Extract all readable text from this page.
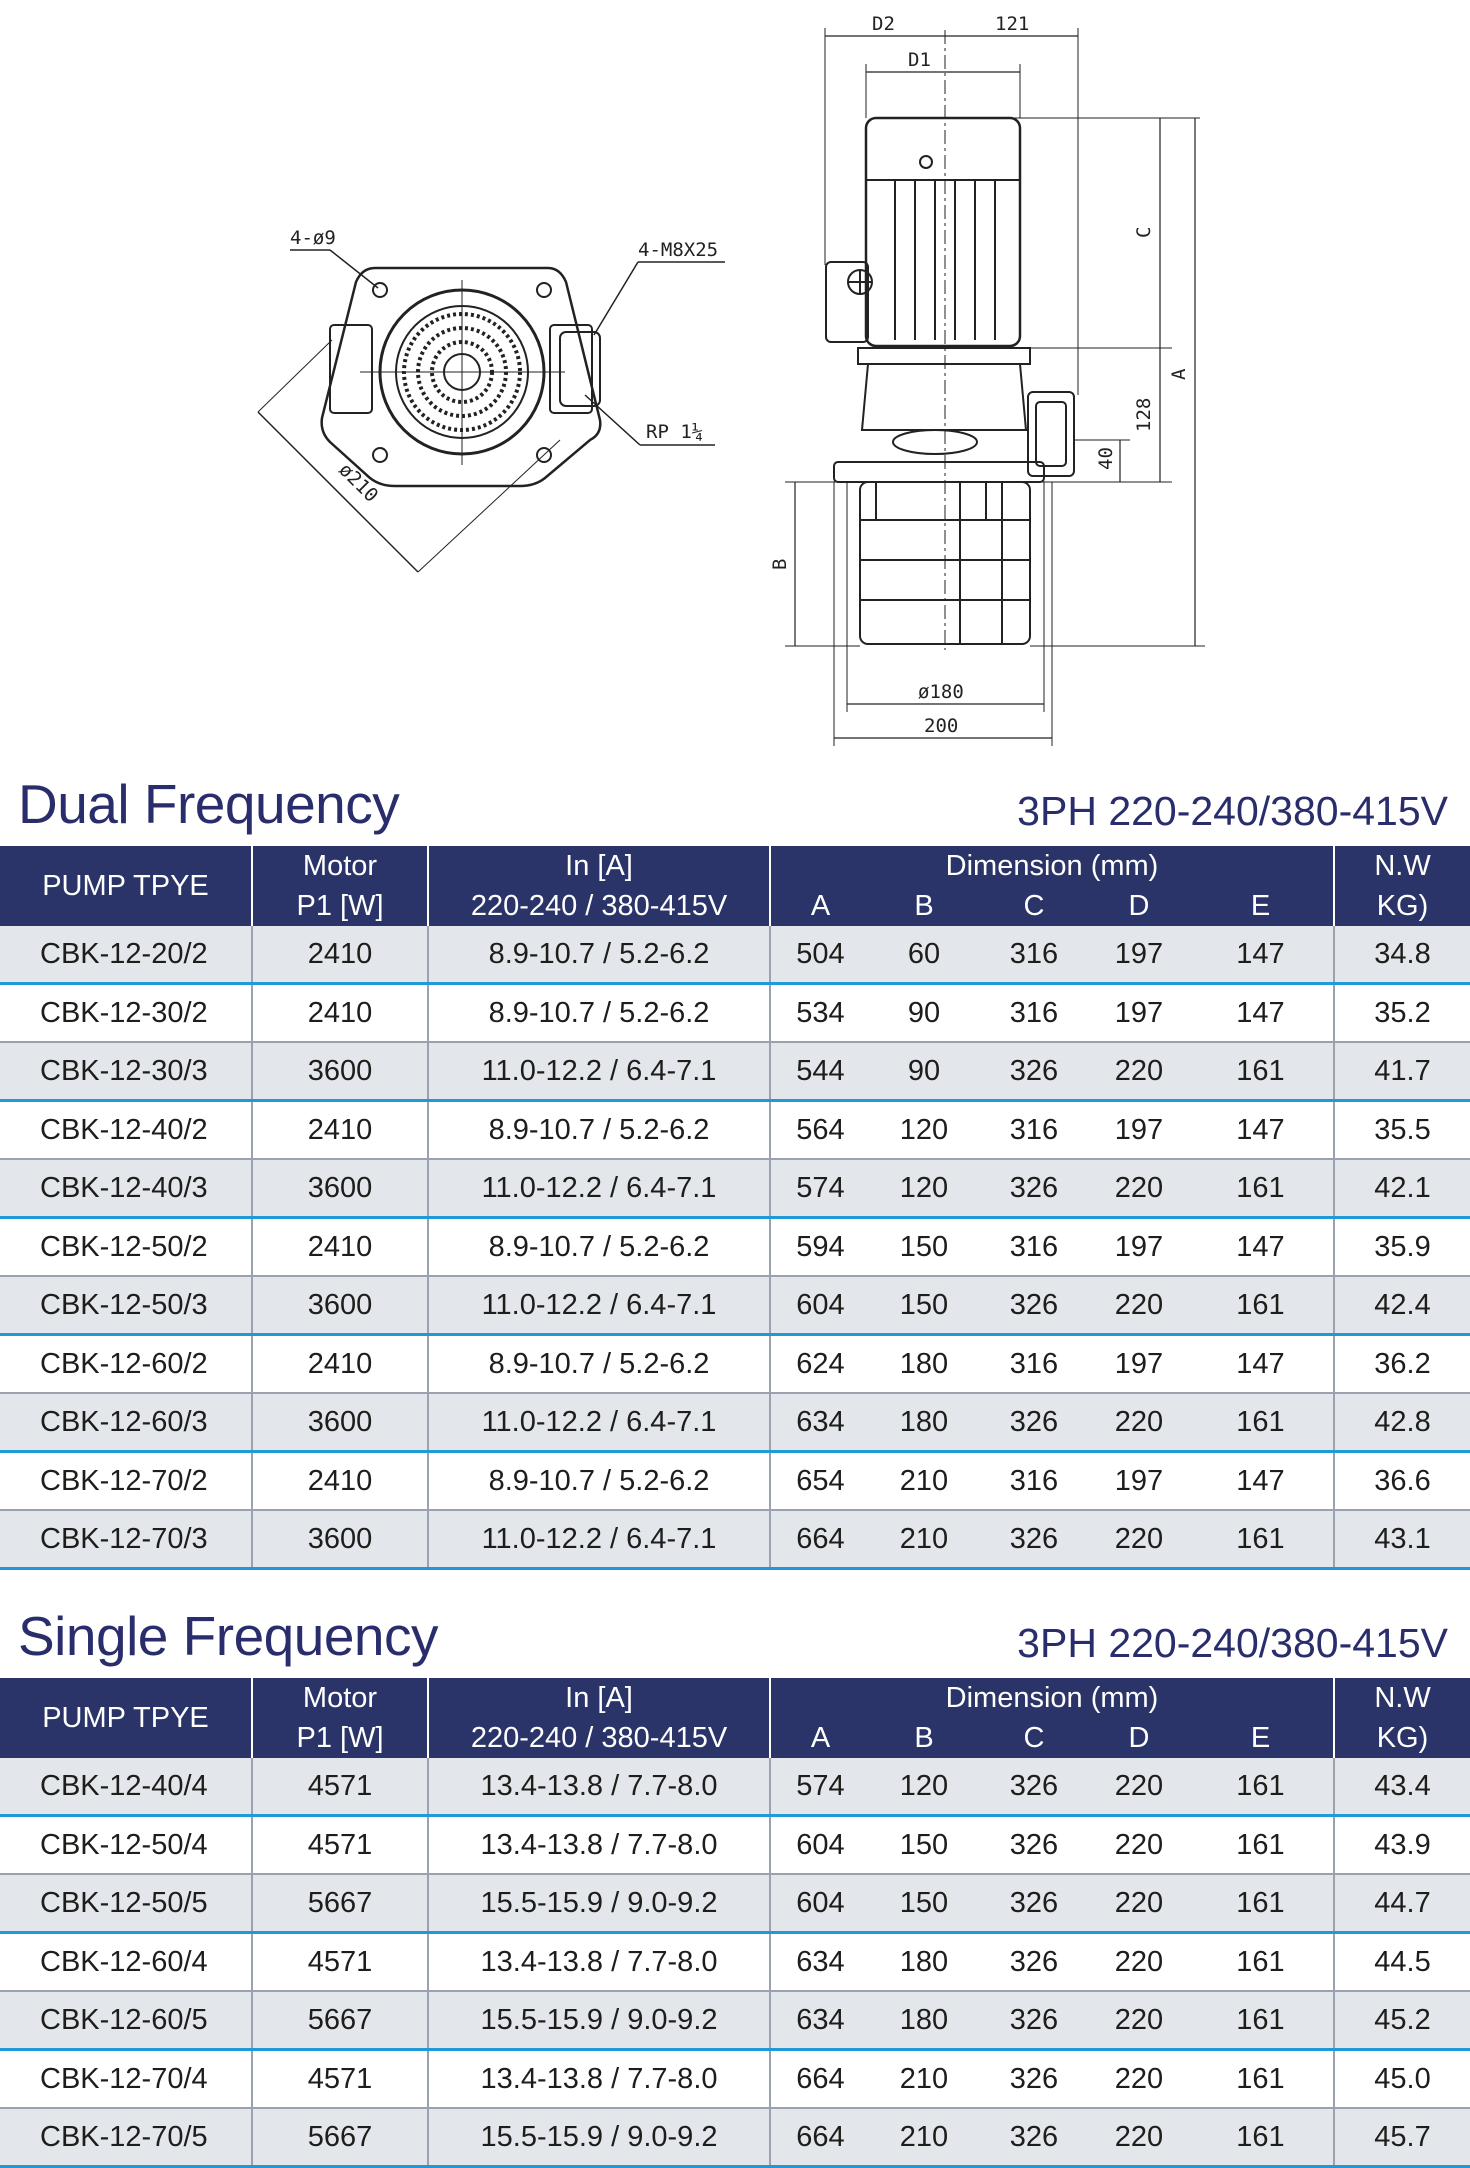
4-ø9
4-M8X25
RP 1¼
ø210
D2	121
D1
C
A
128
40
B
ø180
200
Dual Frequency	3PH 220-240/380-415V
PUMP TPYE	Motor	In [A]	Dimension (mm)					N.W
	P1 [W]	220-240 / 380-415V	A	B	C	D	E	KG)
CBK-12-20/2	2410	8.9-10.7 / 5.2-6.2	504	60	316	197	147	34.8
CBK-12-30/2	2410	8.9-10.7 / 5.2-6.2	534	90	316	197	147	35.2
CBK-12-30/3	3600	11.0-12.2 / 6.4-7.1	544	90	326	220	161	41.7
CBK-12-40/2	2410	8.9-10.7 / 5.2-6.2	564	120	316	197	147	35.5
CBK-12-40/3	3600	11.0-12.2 / 6.4-7.1	574	120	326	220	161	42.1
CBK-12-50/2	2410	8.9-10.7 / 5.2-6.2	594	150	316	197	147	35.9
CBK-12-50/3	3600	11.0-12.2 / 6.4-7.1	604	150	326	220	161	42.4
CBK-12-60/2	2410	8.9-10.7 / 5.2-6.2	624	180	316	197	147	36.2
CBK-12-60/3	3600	11.0-12.2 / 6.4-7.1	634	180	326	220	161	42.8
CBK-12-70/2	2410	8.9-10.7 / 5.2-6.2	654	210	316	197	147	36.6
CBK-12-70/3	3600	11.0-12.2 / 6.4-7.1	664	210	326	220	161	43.1
Single Frequency	3PH 220-240/380-415V
PUMP TPYE	Motor	In [A]	Dimension (mm)					N.W
	P1 [W]	220-240 / 380-415V	A	B	C	D	E	KG)
CBK-12-40/4	4571	13.4-13.8 / 7.7-8.0	574	120	326	220	161	43.4
CBK-12-50/4	4571	13.4-13.8 / 7.7-8.0	604	150	326	220	161	43.9
CBK-12-50/5	5667	15.5-15.9 / 9.0-9.2	604	150	326	220	161	44.7
CBK-12-60/4	4571	13.4-13.8 / 7.7-8.0	634	180	326	220	161	44.5
CBK-12-60/5	5667	15.5-15.9 / 9.0-9.2	634	180	326	220	161	45.2
CBK-12-70/4	4571	13.4-13.8 / 7.7-8.0	664	210	326	220	161	45.0
CBK-12-70/5	5667	15.5-15.9 / 9.0-9.2	664	210	326	220	161	45.7
